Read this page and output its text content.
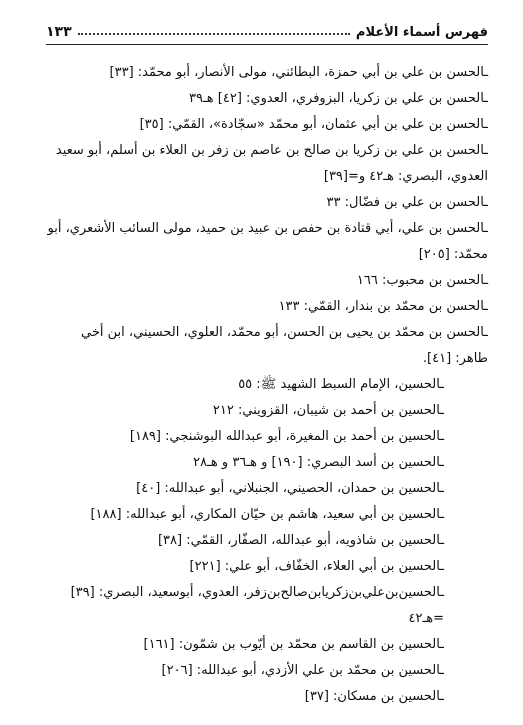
فهرس أسماء الأعلام
١٣٣

ـالحسن بن علي بن أبي حمزة، البطائني، مولى الأنصار، أبو محمّد: [٣٣]

ـالحسن بن علي بن زكريا، البزوفري، العدوي: [٤٢] هـ٣٩

ـالحسن بن علي بن أبي عثمان، أبو محمّد «سجّادة»، القمّي: [٣٥]

ـالحسن بن علي بن زكريا بن صالح بن عاصم بن زفر بن العلاء بن أسلم، أبو سعيد العدوي، البصري: هـ٤٢ و=[٣٩]

ـالحسن بن علي بن فضّال: ٣٣

ـالحسن بن علي، أبي قتادة بن حفص بن عبيد بن حميد، مولى السائب الأشعري، أبو محمّد: [٢٠٥]

ـالحسن بن محبوب: ١٦٦

ـالحسن بن محمّد بن بندار، القمّي: ١٣٣

ـالحسن بن محمّد بن يحيى بن الحسن، أبو محمّد، العلوي، الحسيني، ابن أخي طاهر: [٤١].

ـالحسين، الإمام السبط الشهيد ﷺ: ٥٥

ـالحسين بن أحمد بن شيبان، القزويني: ٢١٢

ـالحسين بن أحمد بن المغيرة، أبو عبدالله البوشنجي: [١٨٩]

ـالحسين بن أسد البصري: [١٩٠] و هـ٣٦ و هـ٢٨

ـالحسين بن حمدان، الحصيني، الجنبلاني، أبو عبدالله: [٤٠]

ـالحسين بن أبي سعيد، هاشم بن حيّان المكاري، أبو عبدالله: [١٨٨]

ـالحسين بن شاذويه، أبو عبدالله، الصفّار، القمّي: [٣٨]

ـالحسين بن أبي العلاء، الخفّاف، أبو علي: [٢٢١]

ـالحسين‌بن‌علي‌بن‌زكريا‌بن‌صالح‌بن‌زفر، العدوي، أبوسعيد، البصري: [٣٩] =هـ٤٢

ـالحسين بن القاسم بن محمّد بن أيّوب بن شمّون: [١٦١]

ـالحسين بن محمّد بن علي الأزدي، أبو عبدالله: [٢٠٦]

ـالحسين بن مسكان: [٣٧]
